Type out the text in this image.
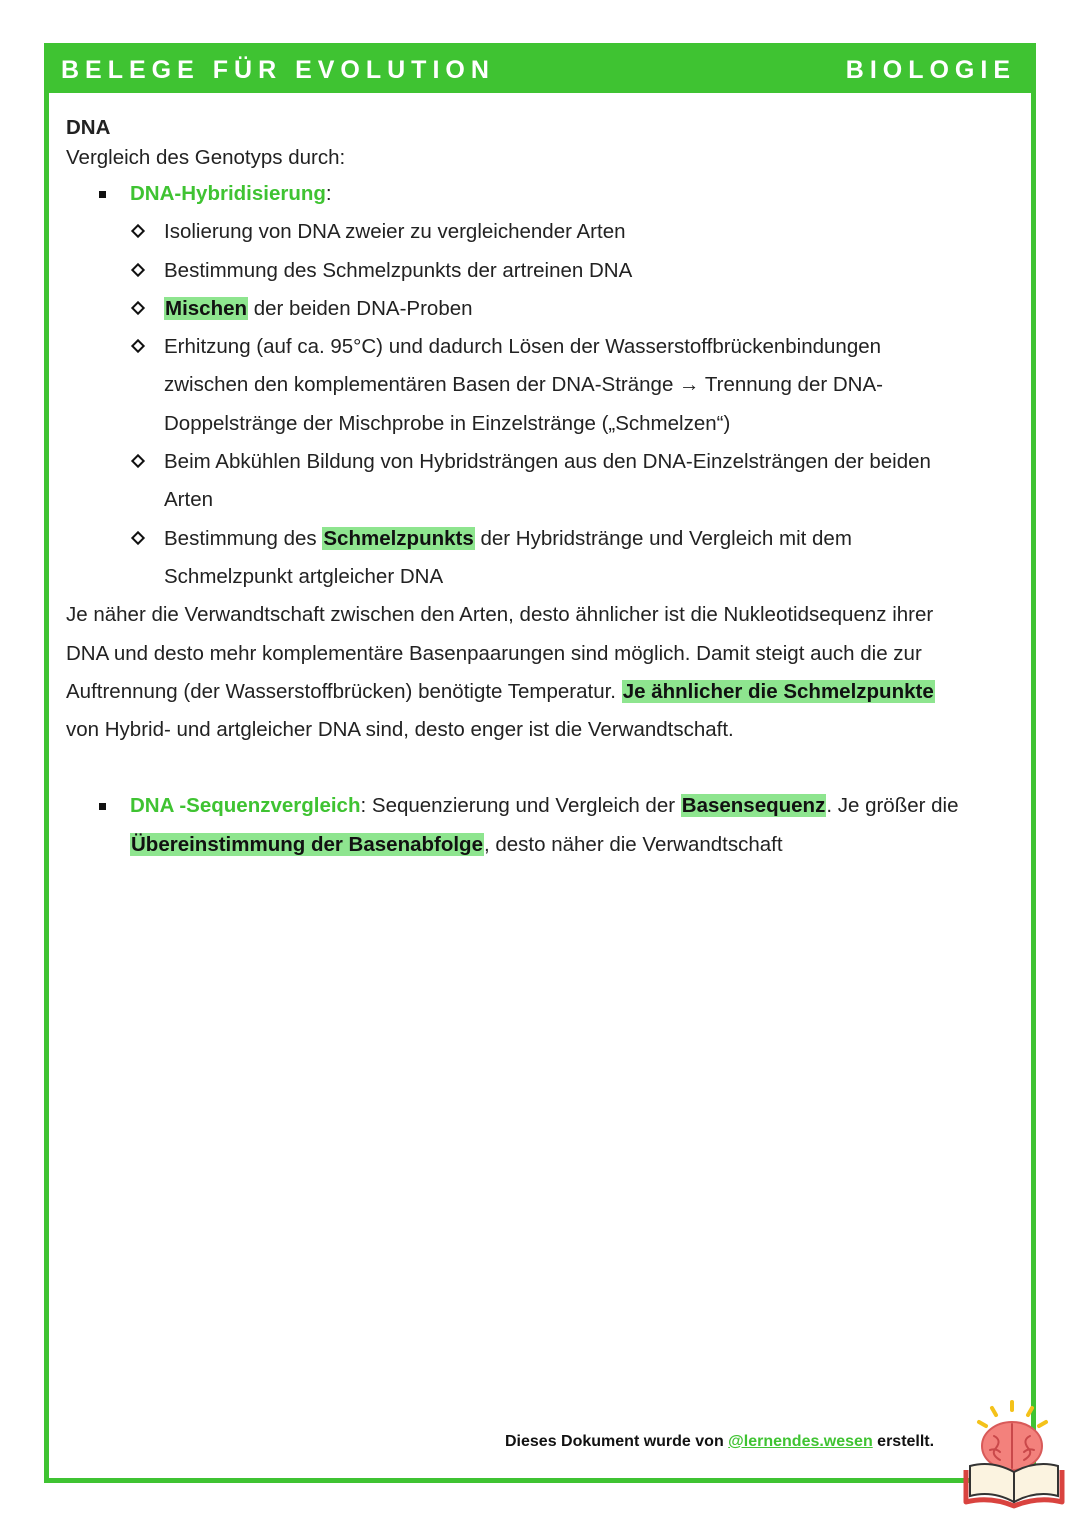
BELEGE FÜR EVOLUTION	BIOLOGIE
DNA
Vergleich des Genotyps durch:
DNA-Hybridisierung:
Isolierung von DNA zweier zu vergleichender Arten
Bestimmung des Schmelzpunkts der artreinen DNA
Mischen der beiden DNA-Proben
Erhitzung (auf ca. 95°C) und dadurch Lösen der Wasserstoffbrückenbindungen
zwischen den komplementären Basen der DNA-Stränge → Trennung der DNA-
Doppelstränge der Mischprobe in Einzelstränge („Schmelzen“)
Beim Abkühlen Bildung von Hybridsträngen aus den DNA-Einzelsträngen der beiden
Arten
Bestimmung des Schmelzpunkts der Hybridstränge und Vergleich mit dem
Schmelzpunkt artgleicher DNA
Je näher die Verwandtschaft zwischen den Arten, desto ähnlicher ist die Nukleotidsequenz ihrer
DNA und desto mehr komplementäre Basenpaarungen sind möglich. Damit steigt auch die zur
Auftrennung (der Wasserstoffbrücken) benötigte Temperatur. Je ähnlicher die Schmelzpunkte
von Hybrid- und artgleicher DNA sind, desto enger ist die Verwandtschaft.
DNA -Sequenzvergleich: Sequenzierung und Vergleich der Basensequenz. Je größer die
Übereinstimmung der Basenabfolge, desto näher die Verwandtschaft
Dieses Dokument wurde von @lernendes.wesen erstellt.
